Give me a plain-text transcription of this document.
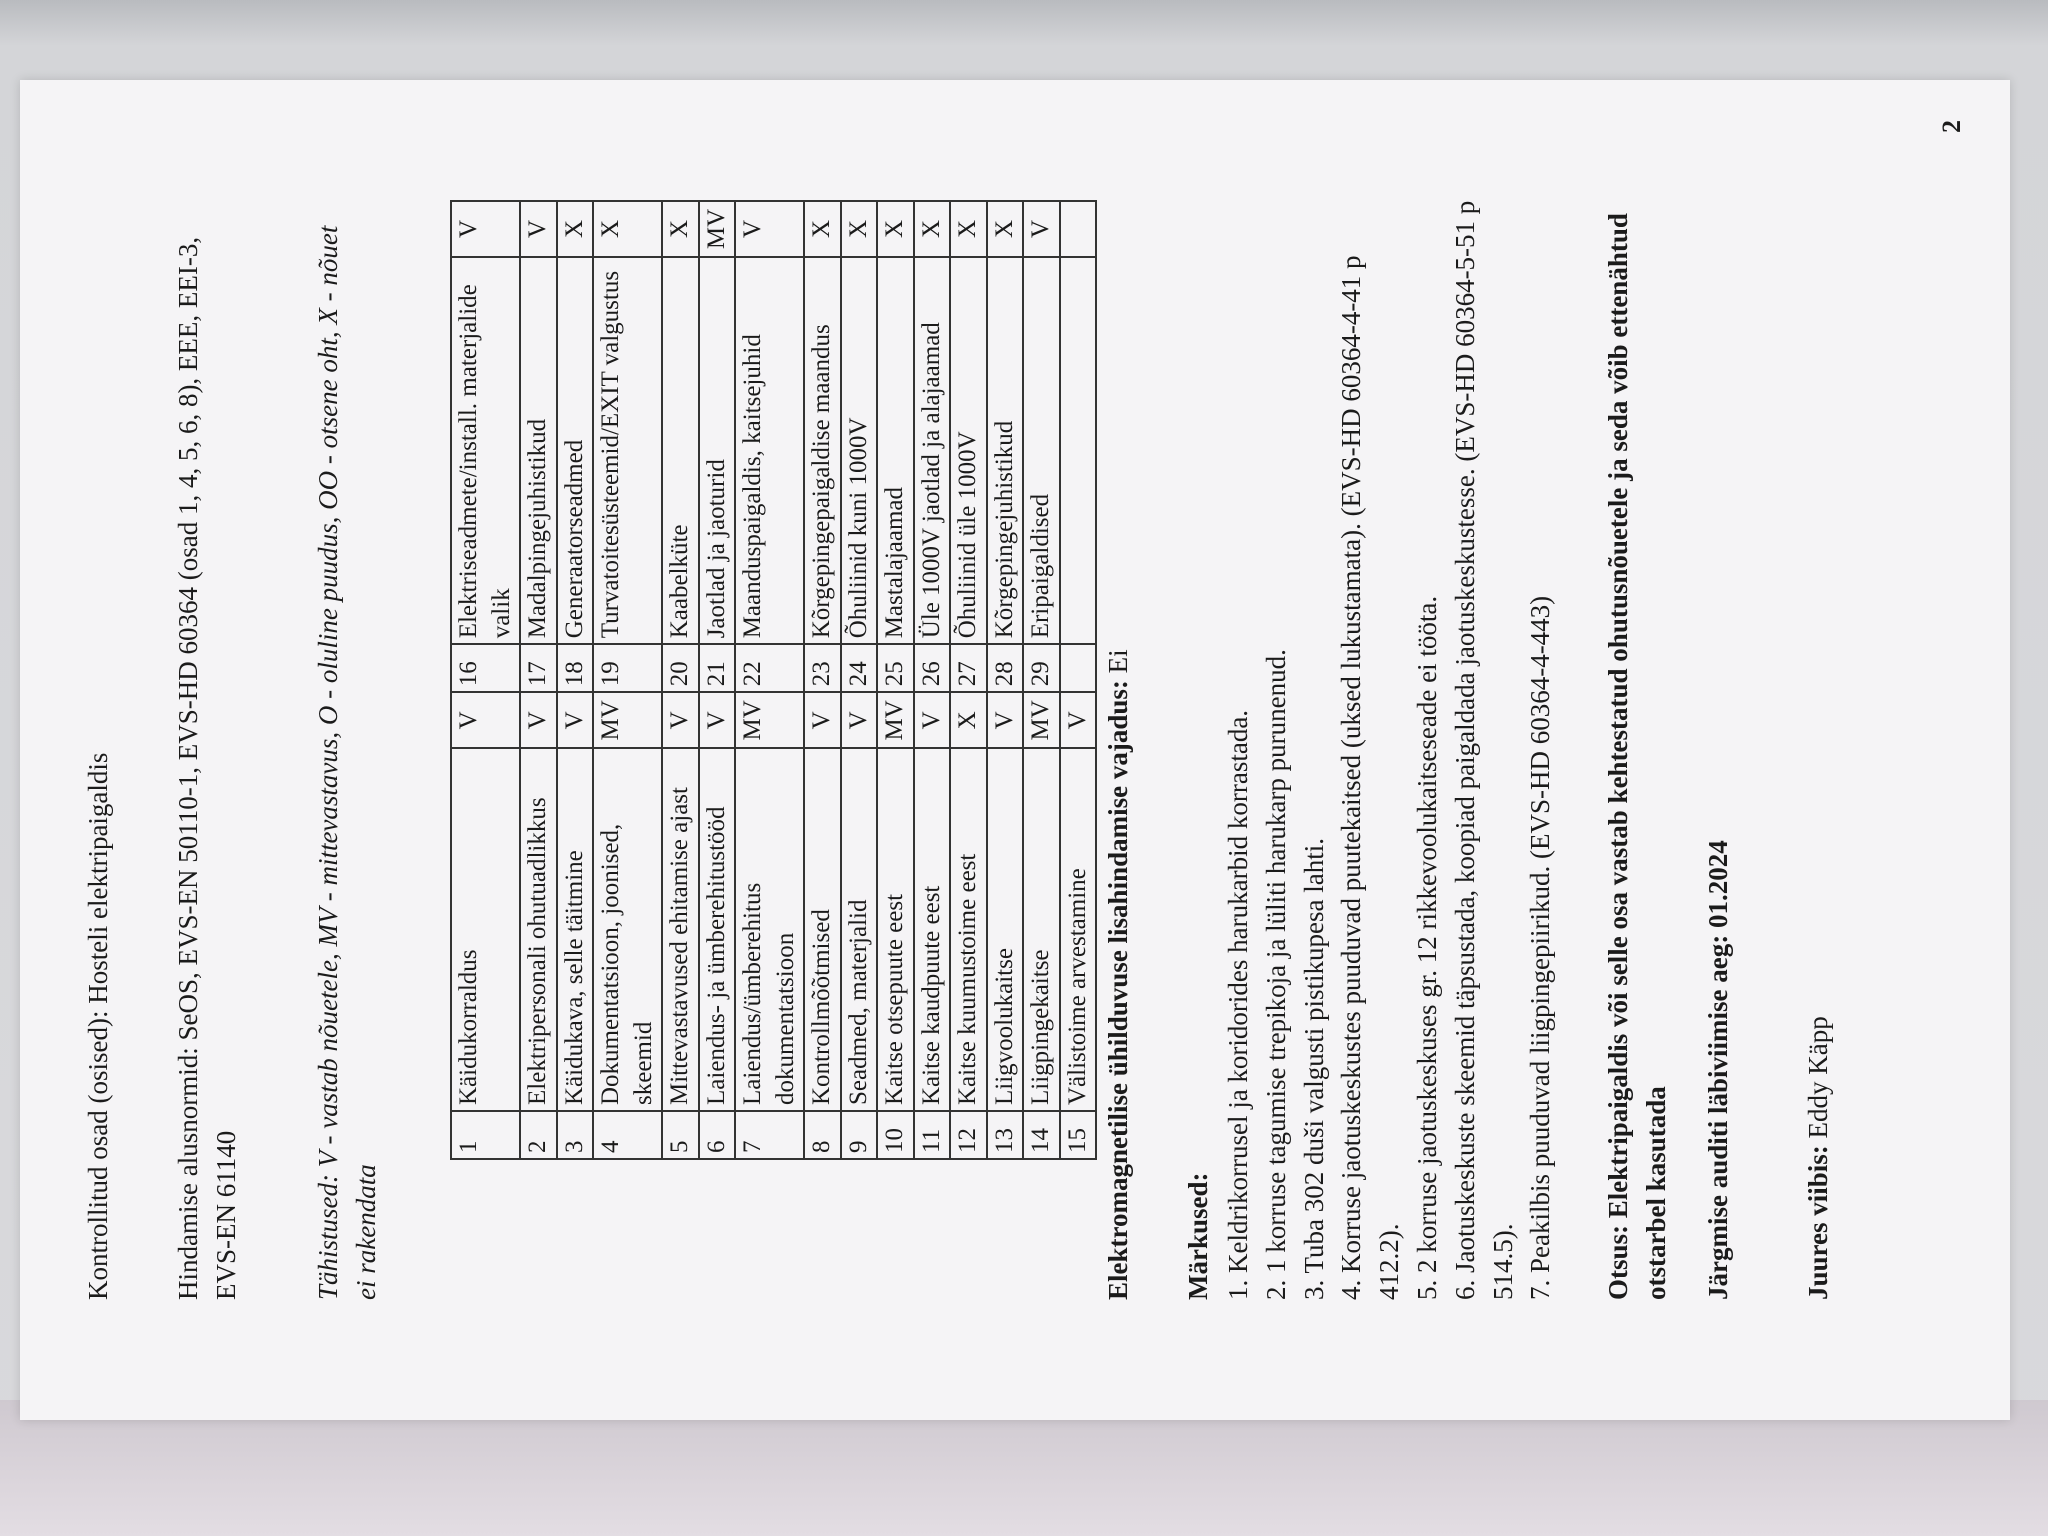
Kontrollitud osad (osised): Hosteli elektripaigaldis

Hindamise alusnormid: SeOS, EVS-EN 50110-1, EVS-HD 60364 (osad 1, 4, 5, 6, 8), EEE, EEI-3, EVS-EN 61140	Tähistused: V - vastab nõuetele, MV - mittevastavus, O - oluline puudus, OO - otsene oht, X - nõuet ei rakendata

1	Käidukorraldus	V	16	Elektriseadmete/install. materjalide valik	V
2	Elektripersonali ohutuadlikkus	V	17	Madalpingejuhistikud	V
3	Käidukava, selle täitmine	V	18	Generaatorseadmed	X
4	Dokumentatsioon, joonised, skeemid	MV	19	Turvatoitesüsteemid/EXIT valgustus	X
5	Mittevastavused ehitamise ajast	V	20	Kaabelküte	X
6	Laiendus- ja ümberehitustööd	V	21	Jaotlad ja jaoturid	MV
7	Laiendus/ümberehitus dokumentatsioon	MV	22	Maanduspaigaldis, kaitsejuhid	V
8	Kontrollmõõtmised	V	23	Kõrgepingepaigaldise maandus	X
9	Seadmed, materjalid	V	24	Õhuliinid kuni 1000V	X
10	Kaitse otsepuute eest	MV	25	Mastalajaamad	X
11	Kaitse kaudpuute eest	V	26	Üle 1000V jaotlad ja alajaamad	X
12	Kaitse kuumustoime eest	X	27	Õhuliinid üle 1000V	X
13	Liigvoolukaitse	V	28	Kõrgepingejuhistikud	X
14	Liigpingekaitse	MV	29	Eripaigaldised	V
15	Välistoime arvestamine	V			Elektromagnetilise ühilduvuse lisahindamise vajadus: Ei

Märkused: 1. Keldrikorrusel ja koridorides harukarbid korrastada. 2. 1 korruse tagumise trepikoja ja lüliti harukarp purunenud. 3. Tuba 302 duši valgusti pistikupesa lahti. 4. Korruse jaotuskeskustes puuduvad puutekaitsed (uksed lukustamata). (EVS-HD 60364-4-41 p 412.2). 5. 2 korruse jaotuskeskuses gr. 12 rikkevoolukaitseseade ei tööta. 6. Jaotuskeskuste skeemid täpsustada, koopiad paigaldada jaotuskeskustesse. (EVS-HD 60364-5-51 p 514.5). 7. Peakilbis puuduvad liigpingepiirikud. (EVS-HD 60364-4-443) Otsus: Elektripaigaldis või selle osa vastab kehtestatud ohutusnõuetele ja seda võib ettenähtud otstarbel kasutada Järgmise auditi läbiviimise aeg: 01.2024

Juures viibis: Eddy Käpp

2
